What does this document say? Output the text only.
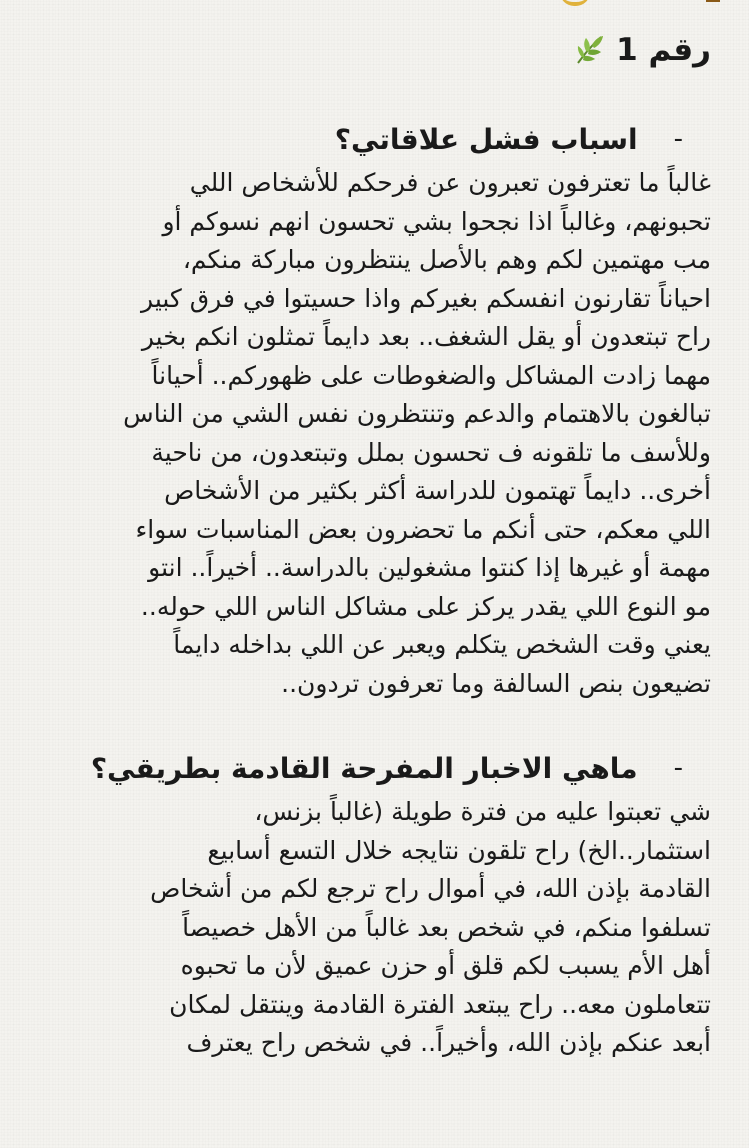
رقم 1
-
اسباب فشل علاقاتي؟

غالباً ما تعترفون تعبرون عن فرحكم للأشخاص اللي
تحبونهم، وغالباً اذا نجحوا بشي تحسون انهم نسوكم أو
مب مهتمين لكم وهم بالأصل ينتظرون مباركة منكم،
احياناً تقارنون انفسكم بغيركم واذا حسيتوا في فرق كبير
راح تبتعدون أو يقل الشغف.. بعد دايماً تمثلون انكم بخير
مهما زادت المشاكل والضغوطات على ظهوركم.. أحياناً
تبالغون بالاهتمام والدعم وتنتظرون نفس الشي من الناس
وللأسف ما تلقونه ف تحسون بملل وتبتعدون، من ناحية
أخرى.. دايماً تهتمون للدراسة أكثر بكثير من الأشخاص
اللي معكم، حتى أنكم ما تحضرون بعض المناسبات سواء
مهمة أو غيرها إذا كنتوا مشغولين بالدراسة.. أخيراً.. انتو
مو النوع اللي يقدر يركز على مشاكل الناس اللي حوله..
يعني وقت الشخص يتكلم ويعبر عن اللي بداخله دايماً
تضيعون بنص السالفة وما تعرفون تردون..

-
ماهي الاخبار المفرحة القادمة بطريقي؟

شي تعبتوا عليه من فترة طويلة (غالباً بزنس،
استثمار..الخ) راح تلقون نتايجه خلال التسع أسابيع
القادمة بإذن الله، في أموال راح ترجع لكم من أشخاص
تسلفوا منكم، في شخص بعد غالباً من الأهل خصيصاً
أهل الأم يسبب لكم قلق أو حزن عميق لأن ما تحبوه
تتعاملون معه.. راح يبتعد الفترة القادمة وينتقل لمكان
أبعد عنكم بإذن الله، وأخيراً.. في شخص راح يعترف
